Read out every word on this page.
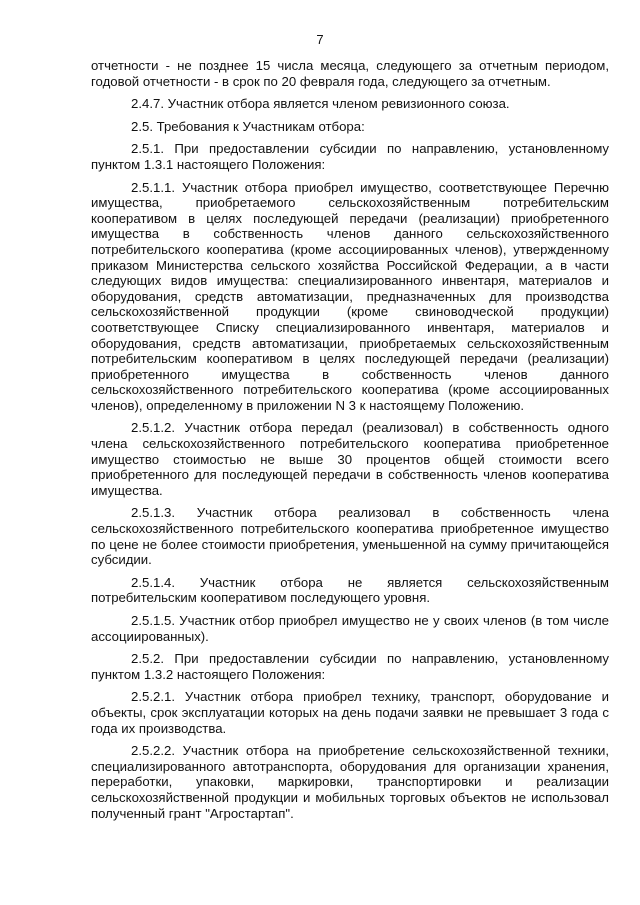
7

отчетности - не позднее 15 числа месяца, следующего за отчетным периодом, годовой отчетности - в срок по 20 февраля года, следующего за отчетным.

2.4.7. Участник отбора является членом ревизионного союза.

2.5. Требования к Участникам отбора:

2.5.1. При предоставлении субсидии по направлению, установленному пунктом 1.3.1 настоящего Положения:

2.5.1.1. Участник отбора приобрел имущество, соответствующее Перечню имущества, приобретаемого сельскохозяйственным потребительским кооперативом в целях последующей передачи (реализации) приобретенного имущества в собственность членов данного сельскохозяйственного потребительского кооператива (кроме ассоциированных членов), утвержденному приказом Министерства сельского хозяйства Российской Федерации, а в части следующих видов имущества: специализированного инвентаря, материалов и оборудования, средств автоматизации, предназначенных для производства сельскохозяйственной продукции (кроме свиноводческой продукции) соответствующее Списку специализированного инвентаря, материалов и оборудования, средств автоматизации, приобретаемых сельскохозяйственным потребительским кооперативом в целях последующей передачи (реализации) приобретенного имущества в собственность членов данного сельскохозяйственного потребительского кооператива (кроме ассоциированных членов), определенному в приложении N 3 к настоящему Положению.

2.5.1.2. Участник отбора передал (реализовал) в собственность одного члена сельскохозяйственного потребительского кооператива приобретенное имущество стоимостью не выше 30 процентов общей стоимости всего приобретенного для последующей передачи в собственность членов кооператива имущества.

2.5.1.3. Участник отбора реализовал в собственность члена сельскохозяйственного потребительского кооператива приобретенное имущество по цене не более стоимости приобретения, уменьшенной на сумму причитающейся субсидии.

2.5.1.4. Участник отбора не является сельскохозяйственным потребительским кооперативом последующего уровня.

2.5.1.5. Участник отбор приобрел имущество не у своих членов (в том числе ассоциированных).

2.5.2. При предоставлении субсидии по направлению, установленному пунктом 1.3.2 настоящего Положения:

2.5.2.1. Участник отбора приобрел технику, транспорт, оборудование и объекты, срок эксплуатации которых на день подачи заявки не превышает 3 года с года их производства.

2.5.2.2. Участник отбора на приобретение сельскохозяйственной техники, специализированного автотранспорта, оборудования для организации хранения, переработки, упаковки, маркировки, транспортировки и реализации сельскохозяйственной продукции и мобильных торговых объектов не использовал полученный грант "Агростартап".
